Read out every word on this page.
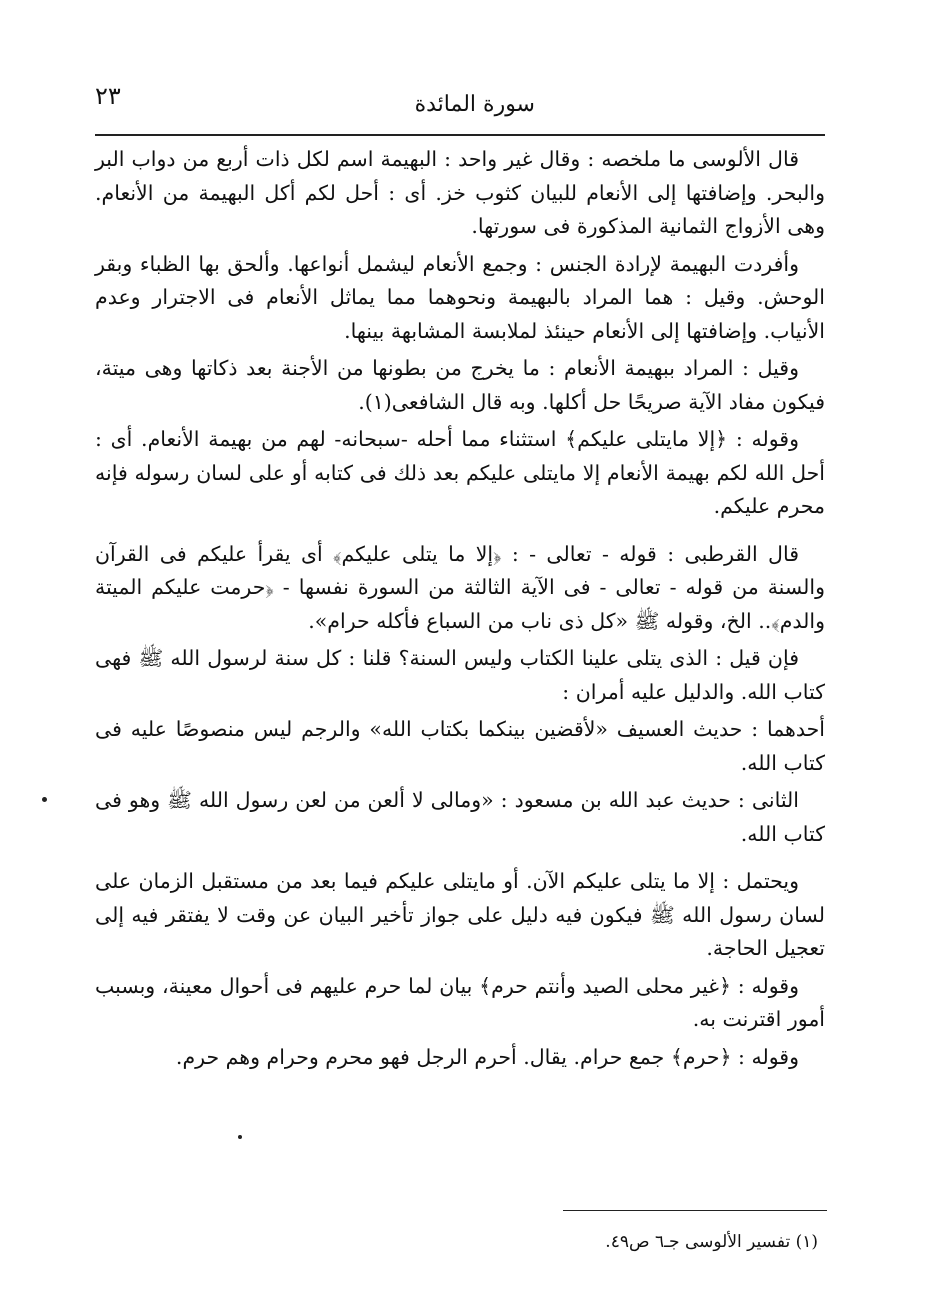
سورة المائدة
٢٣

قال الألوسى ما ملخصه : وقال غير واحد : البهيمة اسم لكل ذات أربع من دواب البر والبحر. وإضافتها إلى الأنعام للبيان كثوب خز. أى : أحل لكم أكل البهيمة من الأنعام. وهى الأزواج الثمانية المذكورة فى سورتها.

وأفردت البهيمة لإرادة الجنس : وجمع الأنعام ليشمل أنواعها. وألحق بها الظباء وبقر الوحش. وقيل : هما المراد بالبهيمة ونحوهما مما يماثل الأنعام فى الاجترار وعدم الأنياب. وإضافتها إلى الأنعام حينئذ لملابسة المشابهة بينها.

وقيل : المراد ببهيمة الأنعام : ما يخرج من بطونها من الأجنة بعد ذكاتها وهى ميتة، فيكون مفاد الآية صريحًا حل أكلها. وبه قال الشافعى(١).

وقوله : ﴿إلا مايتلى عليكم﴾ استثناء مما أحله -سبحانه- لهم من بهيمة الأنعام. أى : أحل الله لكم بهيمة الأنعام إلا مايتلى عليكم بعد ذلك فى كتابه أو على لسان رسوله فإنه محرم عليكم.

قال القرطبى : قوله - تعالى - : ﴿إلا ما يتلى عليكم﴾ أى يقرأ عليكم فى القرآن والسنة من قوله - تعالى - فى الآية الثالثة من السورة نفسها - ﴿حرمت عليكم الميتة والدم﴾.. الخ، وقوله ﷺ «كل ذى ناب من السباع فأكله حرام».

فإن قيل : الذى يتلى علينا الكتاب وليس السنة؟ قلنا : كل سنة لرسول الله ﷺ فهى كتاب الله. والدليل عليه أمران :

أحدهما : حديث العسيف «لأقضين بينكما بكتاب الله» والرجم ليس منصوصًا عليه فى كتاب الله.

الثانى : حديث عبد الله بن مسعود : «ومالى لا ألعن من لعن رسول الله ﷺ وهو فى كتاب الله.

ويحتمل : إلا ما يتلى عليكم الآن. أو مايتلى عليكم فيما بعد من مستقبل الزمان على لسان رسول الله ﷺ فيكون فيه دليل على جواز تأخير البيان عن وقت لا يفتقر فيه إلى تعجيل الحاجة.

وقوله : ﴿غير محلى الصيد وأنتم حرم﴾ بيان لما حرم عليهم فى أحوال معينة، وبسبب أمور اقترنت به.

وقوله : ﴿حرم﴾ جمع حرام. يقال. أحرم الرجل فهو محرم وحرام وهم حرم.

(١) تفسير الألوسى جـ٦ ص٤٩.
